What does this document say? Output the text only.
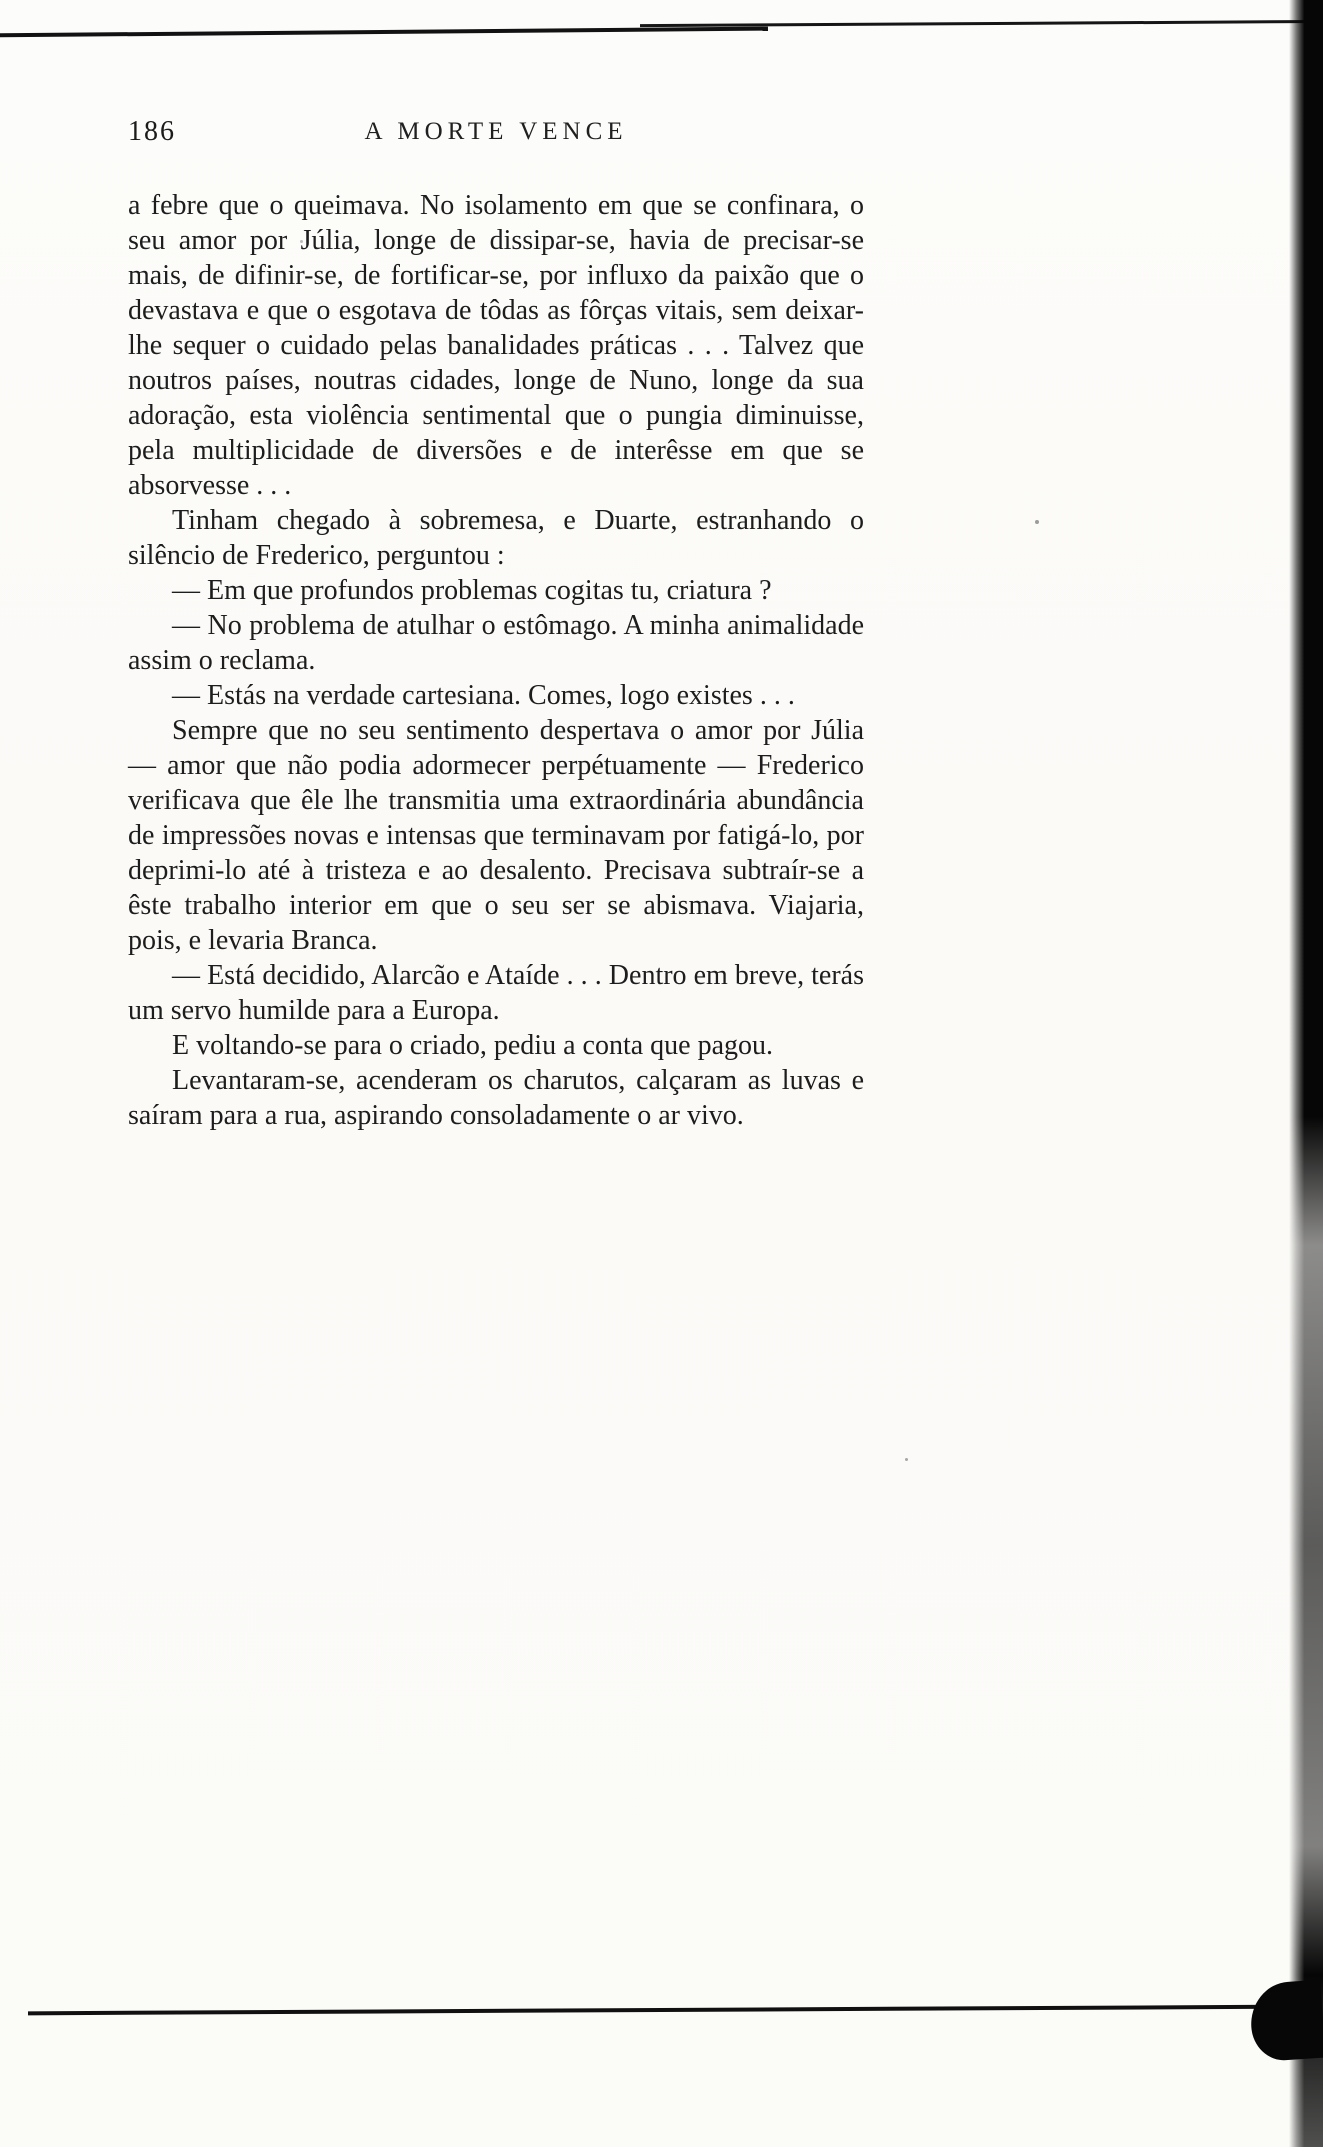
186	A MORTE VENCE

a febre que o queimava. No isolamento em que se confinara, o seu amor por Júlia, longe de dissipar-se, havia de precisar-se mais, de difinir-se, de fortificar-se, por influxo da paixão que o devastava e que o esgotava de tôdas as fôrças vitais, sem deixar-lhe sequer o cuidado pelas banalidades práticas . . . Talvez que noutros países, noutras cidades, longe de Nuno, longe da sua adoração, esta violência sentimental que o pungia diminuisse, pela multiplicidade de diversões e de interêsse em que se absorvesse . . .

Tinham chegado à sobremesa, e Duarte, estranhando o silêncio de Frederico, perguntou :

— Em que profundos problemas cogitas tu, criatura ?

— No problema de atulhar o estômago. A minha animalidade assim o reclama.

— Estás na verdade cartesiana. Comes, logo existes . . .

Sempre que no seu sentimento despertava o amor por Júlia — amor que não podia adormecer perpétuamente — Frederico verificava que êle lhe transmitia uma extraordinária abundância de impressões novas e intensas que terminavam por fatigá-lo, por deprimi-lo até à tristeza e ao desalento. Precisava subtraír-se a êste trabalho interior em que o seu ser se abismava. Viajaria, pois, e levaria Branca.

— Está decidido, Alarcão e Ataíde . . . Dentro em breve, terás um servo humilde para a Europa.

E voltando-se para o criado, pediu a conta que pagou.

Levantaram-se, acenderam os charutos, calçaram as luvas e saíram para a rua, aspirando consoladamente o ar vivo.
